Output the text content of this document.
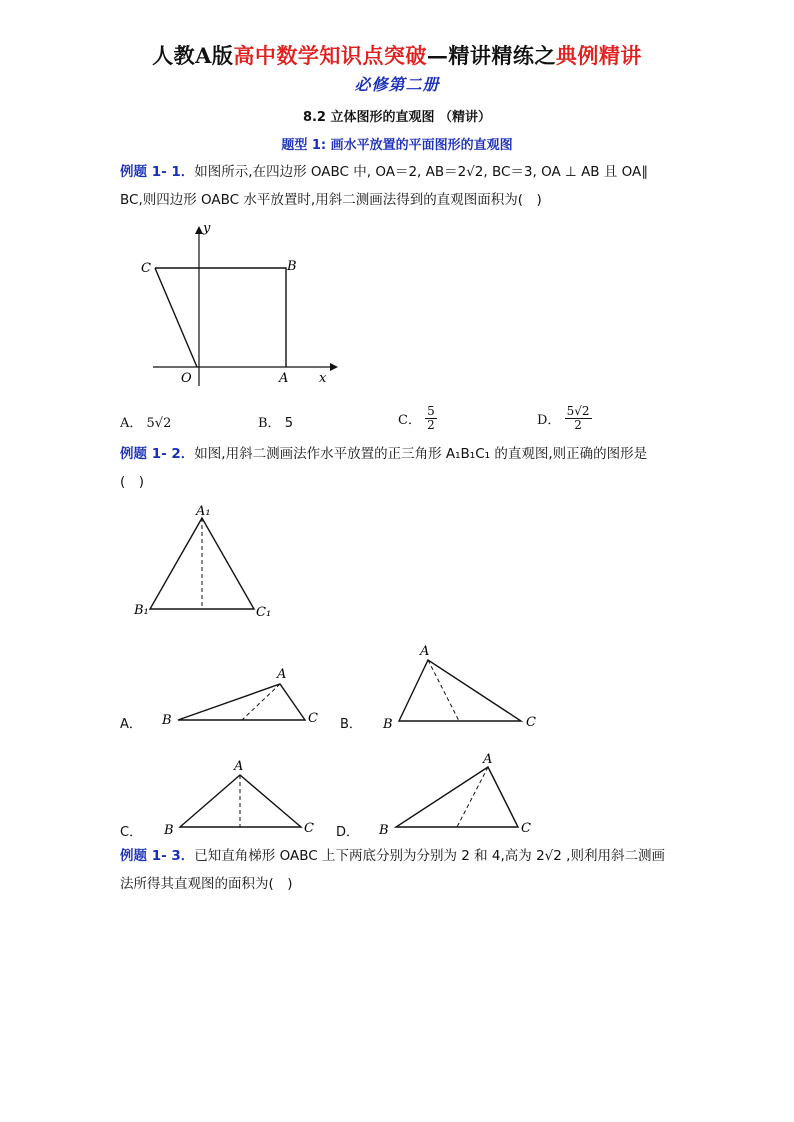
人教A版高中数学知识点突破—精讲精练之典例精讲
必修第二册
8.2 立体图形的直观图 （精讲）
题型 1: 画水平放置的平面图形的直观图
例题 1- 1．如图所示,在四边形 OABC 中, OA＝2, AB＝2√2, BC＝3, OA ⊥ AB 且 OA∥
BC,则四边形 OABC 水平放置时,用斜二测画法得到的直观图面积为(　)
C	B
O	A x
y
A． 5√2	B． 5	C． $\frac{5}{2}$	D． $\frac{5√2}{2}$
例题 1- 2．如图,用斜二测画法作水平放置的正三角形 A₁B₁C₁ 的直观图,则正确的图形是
(　)
A₁
B₁	C₁
A．
A
B	C B．
A
B	C
C．
A
B	C D．
A
B	C
例题 1- 3．已知直角梯形 OABC 上下两底分别为分别为 2 和 4,高为 2√2 ,则利用斜二测画
法所得其直观图的面积为(　)
